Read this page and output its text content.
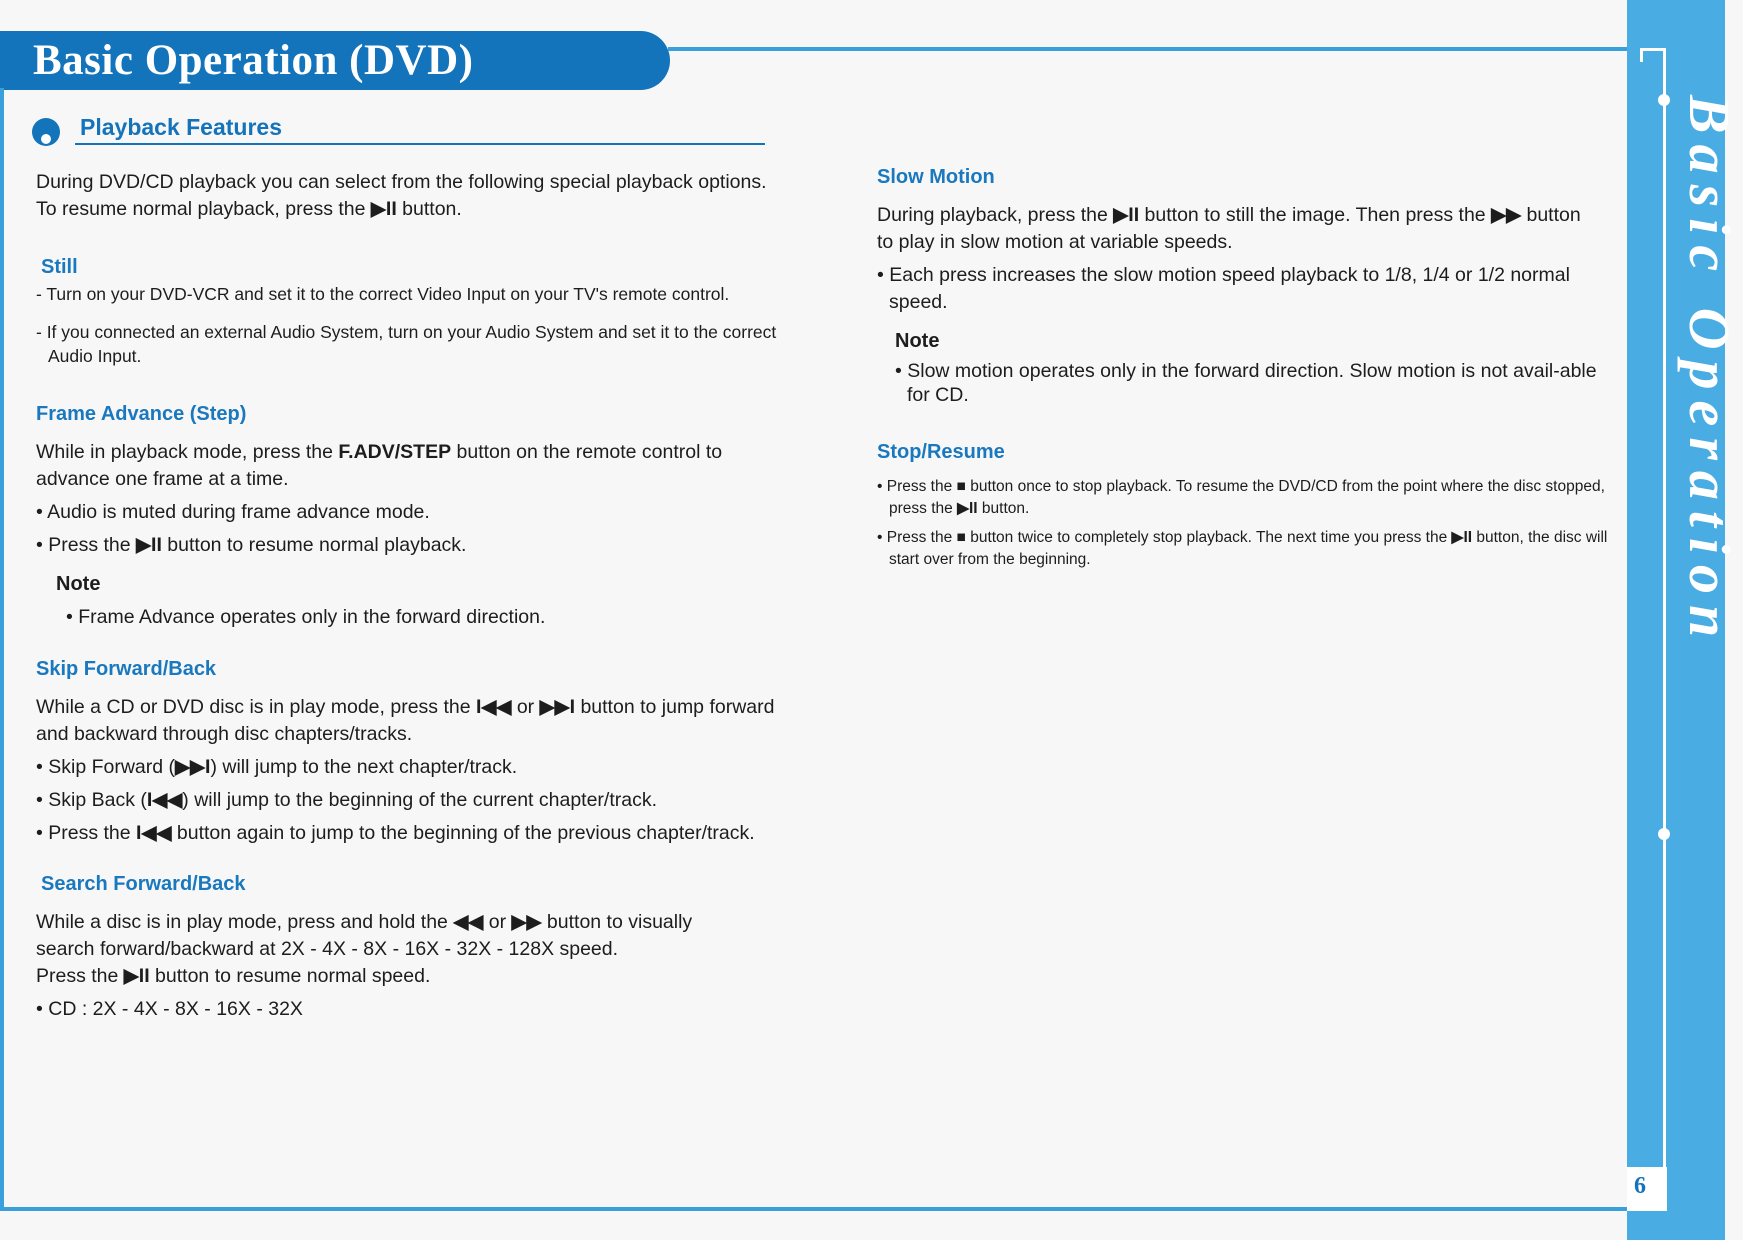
Basic Operation (DVD)
Basic Operation
6
Playback Features
During DVD/CD playback you can select from the following special playback options.
To resume normal playback, press the ▶II button.
Still
- Turn on your DVD-VCR and set it to the correct Video Input on your TV's remote control.
- If you connected an external Audio System, turn on your Audio System and set it to the correct Audio Input.
Frame Advance (Step)
While in playback mode, press the F.ADV/STEP button on the remote control to advance one frame at a time.
• Audio is muted during frame advance mode.
• Press the ▶II button to resume normal playback.
Note
• Frame Advance operates only in the forward direction.
Skip Forward/Back
While a CD or DVD disc is in play mode, press the I◀◀ or ▶▶I button to jump forward and backward through disc chapters/tracks.
• Skip Forward (▶▶I) will jump to the next chapter/track.
• Skip Back (I◀◀) will jump to the beginning of the current chapter/track.
• Press the I◀◀ button again to jump to the beginning of the previous chapter/track.
Search Forward/Back
While a disc is in play mode, press and hold the ◀◀ or ▶▶ button to visually search forward/backward at 2X - 4X - 8X - 16X - 32X - 128X speed.
Press the ▶II button to resume normal speed.
• CD : 2X - 4X - 8X - 16X - 32X
Slow Motion
During playback, press the ▶II button to still the image. Then press the ▶▶ button to play in slow motion at variable speeds.
• Each press increases the slow motion speed playback to 1/8, 1/4 or 1/2 normal speed.
Note
• Slow motion operates only in the forward direction. Slow motion is not avail-able for CD.
Stop/Resume
• Press the ■ button once to stop playback. To resume the DVD/CD from the point where the disc stopped, press the ▶II button.
• Press the ■ button twice to completely stop playback. The next time you press the ▶II button, the disc will start over from the beginning.
